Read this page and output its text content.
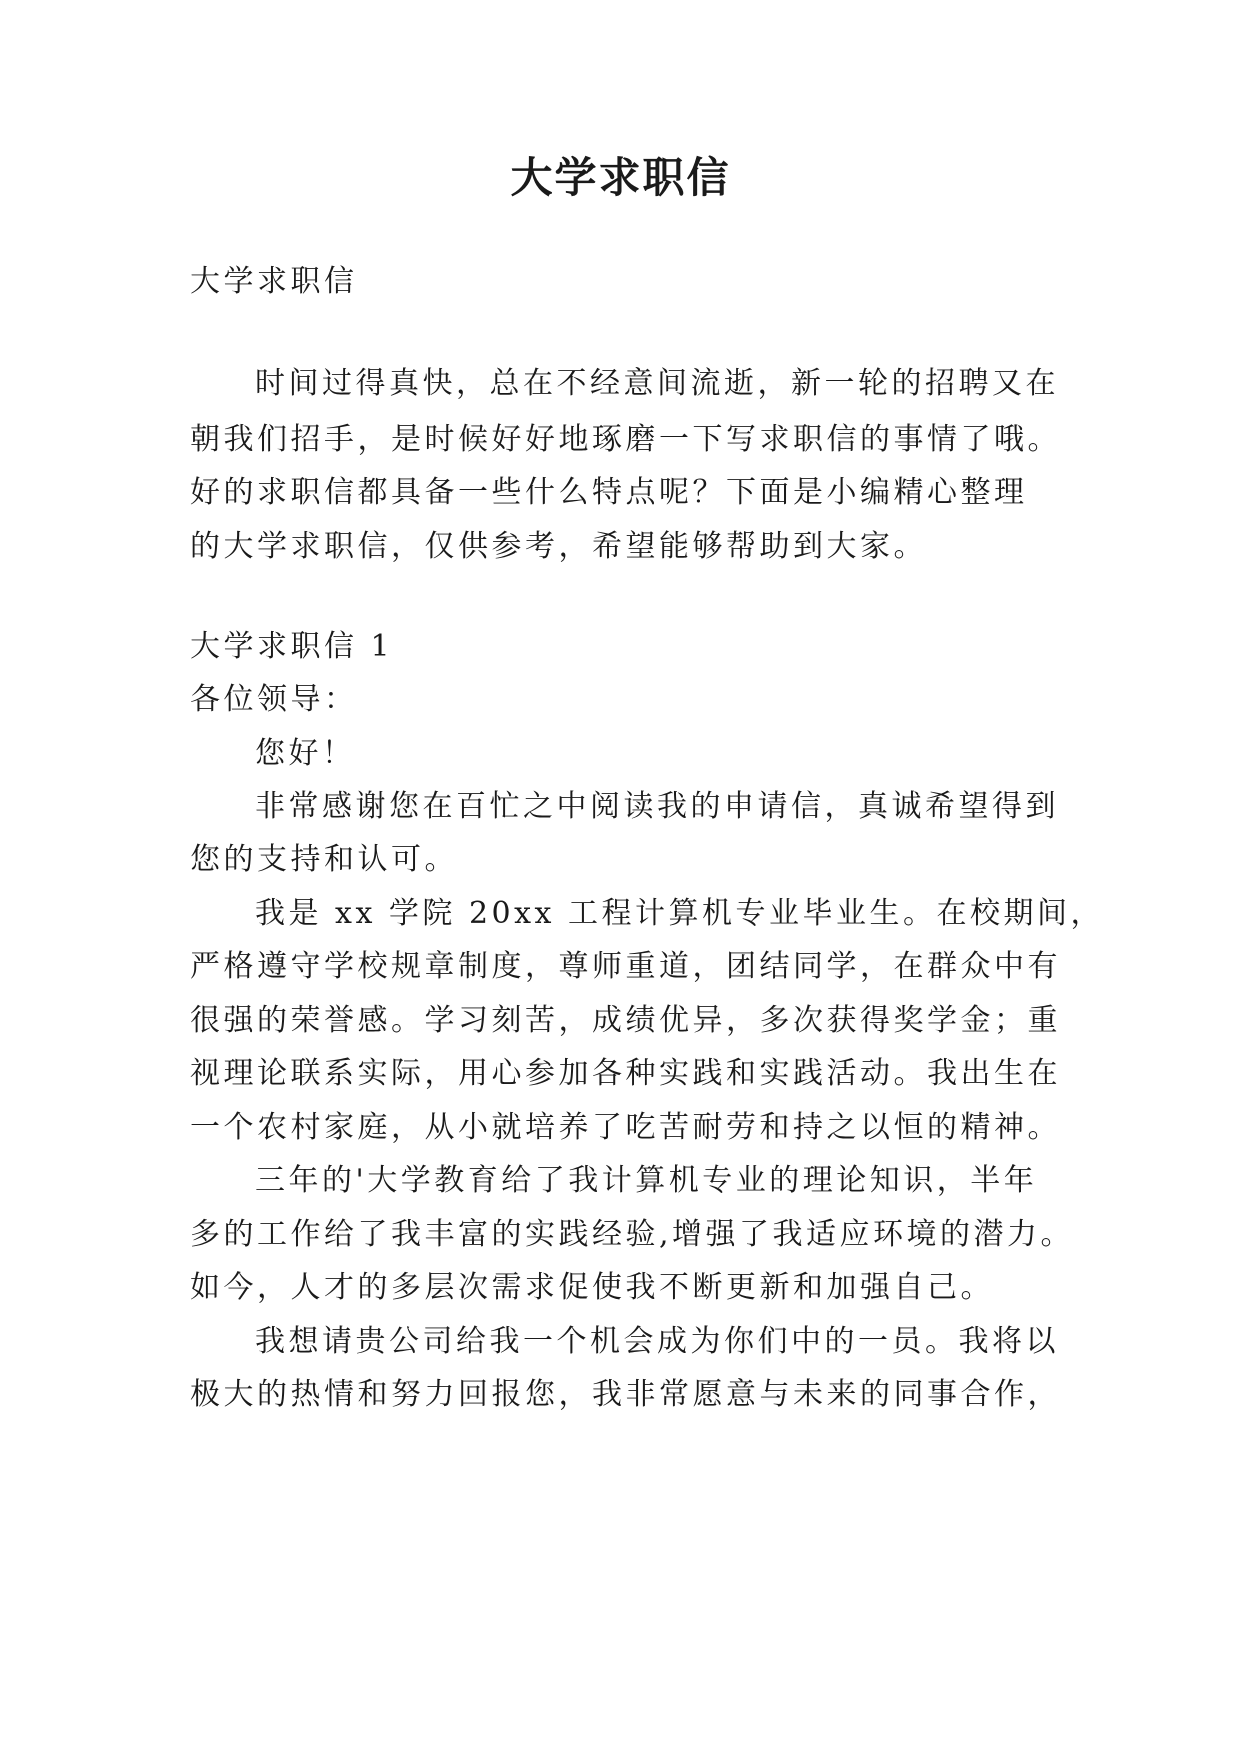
大学求职信

大学求职信

时间过得真快，总在不经意间流逝，新一轮的招聘又在

朝我们招手，是时候好好地琢磨一下写求职信的事情了哦。

好的求职信都具备一些什么特点呢？下面是小编精心整理

的大学求职信，仅供参考，希望能够帮助到大家。

大学求职信 1

各位领导：

您好！

非常感谢您在百忙之中阅读我的申请信，真诚希望得到

您的支持和认可。

我是 xx 学院 20xx 工程计算机专业毕业生。在校期间，

严格遵守学校规章制度，尊师重道，团结同学，在群众中有

很强的荣誉感。学习刻苦，成绩优异，多次获得奖学金；重

视理论联系实际，用心参加各种实践和实践活动。我出生在

一个农村家庭，从小就培养了吃苦耐劳和持之以恒的精神。

三年的'大学教育给了我计算机专业的理论知识，半年

多的工作给了我丰富的实践经验,增强了我适应环境的潜力。

如今，人才的多层次需求促使我不断更新和加强自己。

我想请贵公司给我一个机会成为你们中的一员。我将以

极大的热情和努力回报您，我非常愿意与未来的同事合作，
